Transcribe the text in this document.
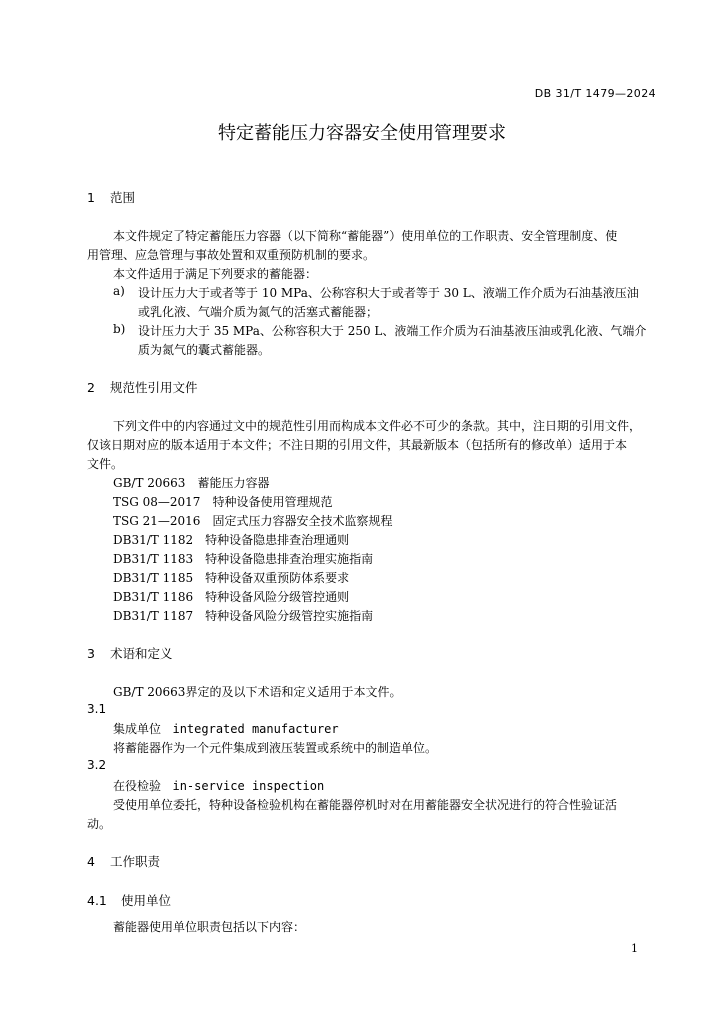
DB 31/T 1479—2024
特定蓄能压力容器安全使用管理要求
1 范围
本文件规定了特定蓄能压力容器（以下简称“蓄能器”）使用单位的工作职责、安全管理制度、使
用管理、应急管理与事故处置和双重预防机制的要求。
本文件适用于满足下列要求的蓄能器：
a) 设计压力大于或者等于 10 MPa、公称容积大于或者等于 30 L、液端工作介质为石油基液压油
或乳化液、气端介质为氮气的活塞式蓄能器；
b) 设计压力大于 35 MPa、公称容积大于 250 L、液端工作介质为石油基液压油或乳化液、气端介
质为氮气的囊式蓄能器。
2 规范性引用文件
下列文件中的内容通过文中的规范性引用而构成本文件必不可少的条款。其中，注日期的引用文件，
仅该日期对应的版本适用于本文件；不注日期的引用文件，其最新版本（包括所有的修改单）适用于本
文件。
GB/T 20663　 蓄能压力容器
TSG 08—2017　 特种设备使用管理规范
TSG 21—2016　 固定式压力容器安全技术监察规程
DB31/T 1182　 特种设备隐患排查治理通则
DB31/T 1183　 特种设备隐患排查治理实施指南
DB31/T 1185　 特种设备双重预防体系要求
DB31/T 1186　 特种设备风险分级管控通则
DB31/T 1187　 特种设备风险分级管控实施指南
3 术语和定义
GB/T 20663界定的及以下术语和定义适用于本文件。
3.1
集成单位 integrated manufacturer
将蓄能器作为一个元件集成到液压装置或系统中的制造单位。
3.2
在役检验 in-service inspection
受使用单位委托，特种设备检验机构在蓄能器停机时对在用蓄能器安全状况进行的符合性验证活
动。
4 工作职责
4.1 使用单位
蓄能器使用单位职责包括以下内容：
1
